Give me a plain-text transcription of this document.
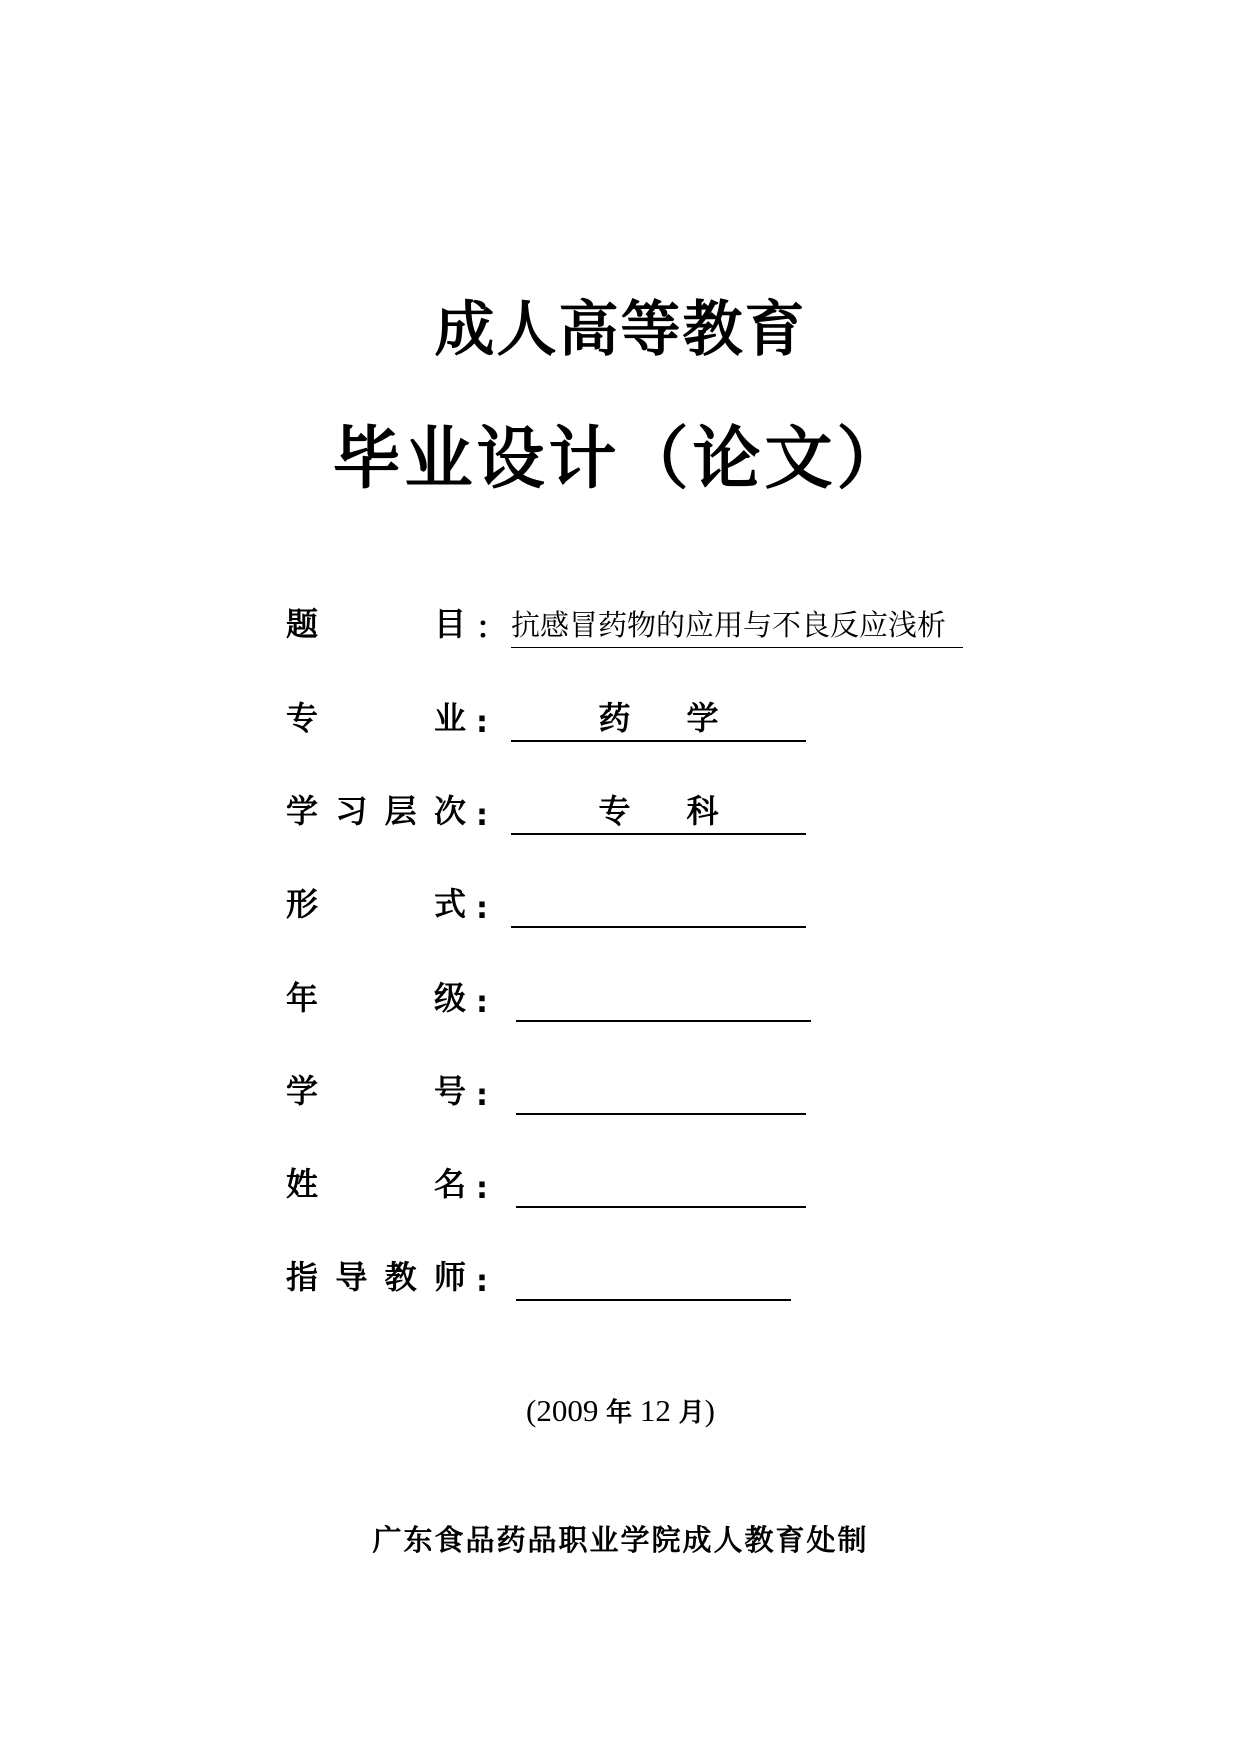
成人高等教育
毕业设计（论文）
题	目 ： 抗感冒药物的应用与不良反应浅析
专	业 :	药 学
学 习 层 次 :	专 科
形	式 :
年	级 :
学	号 :
姓	名 :
指 导 教 师 :
(2009 年 12 月)
广东食品药品职业学院成人教育处制
